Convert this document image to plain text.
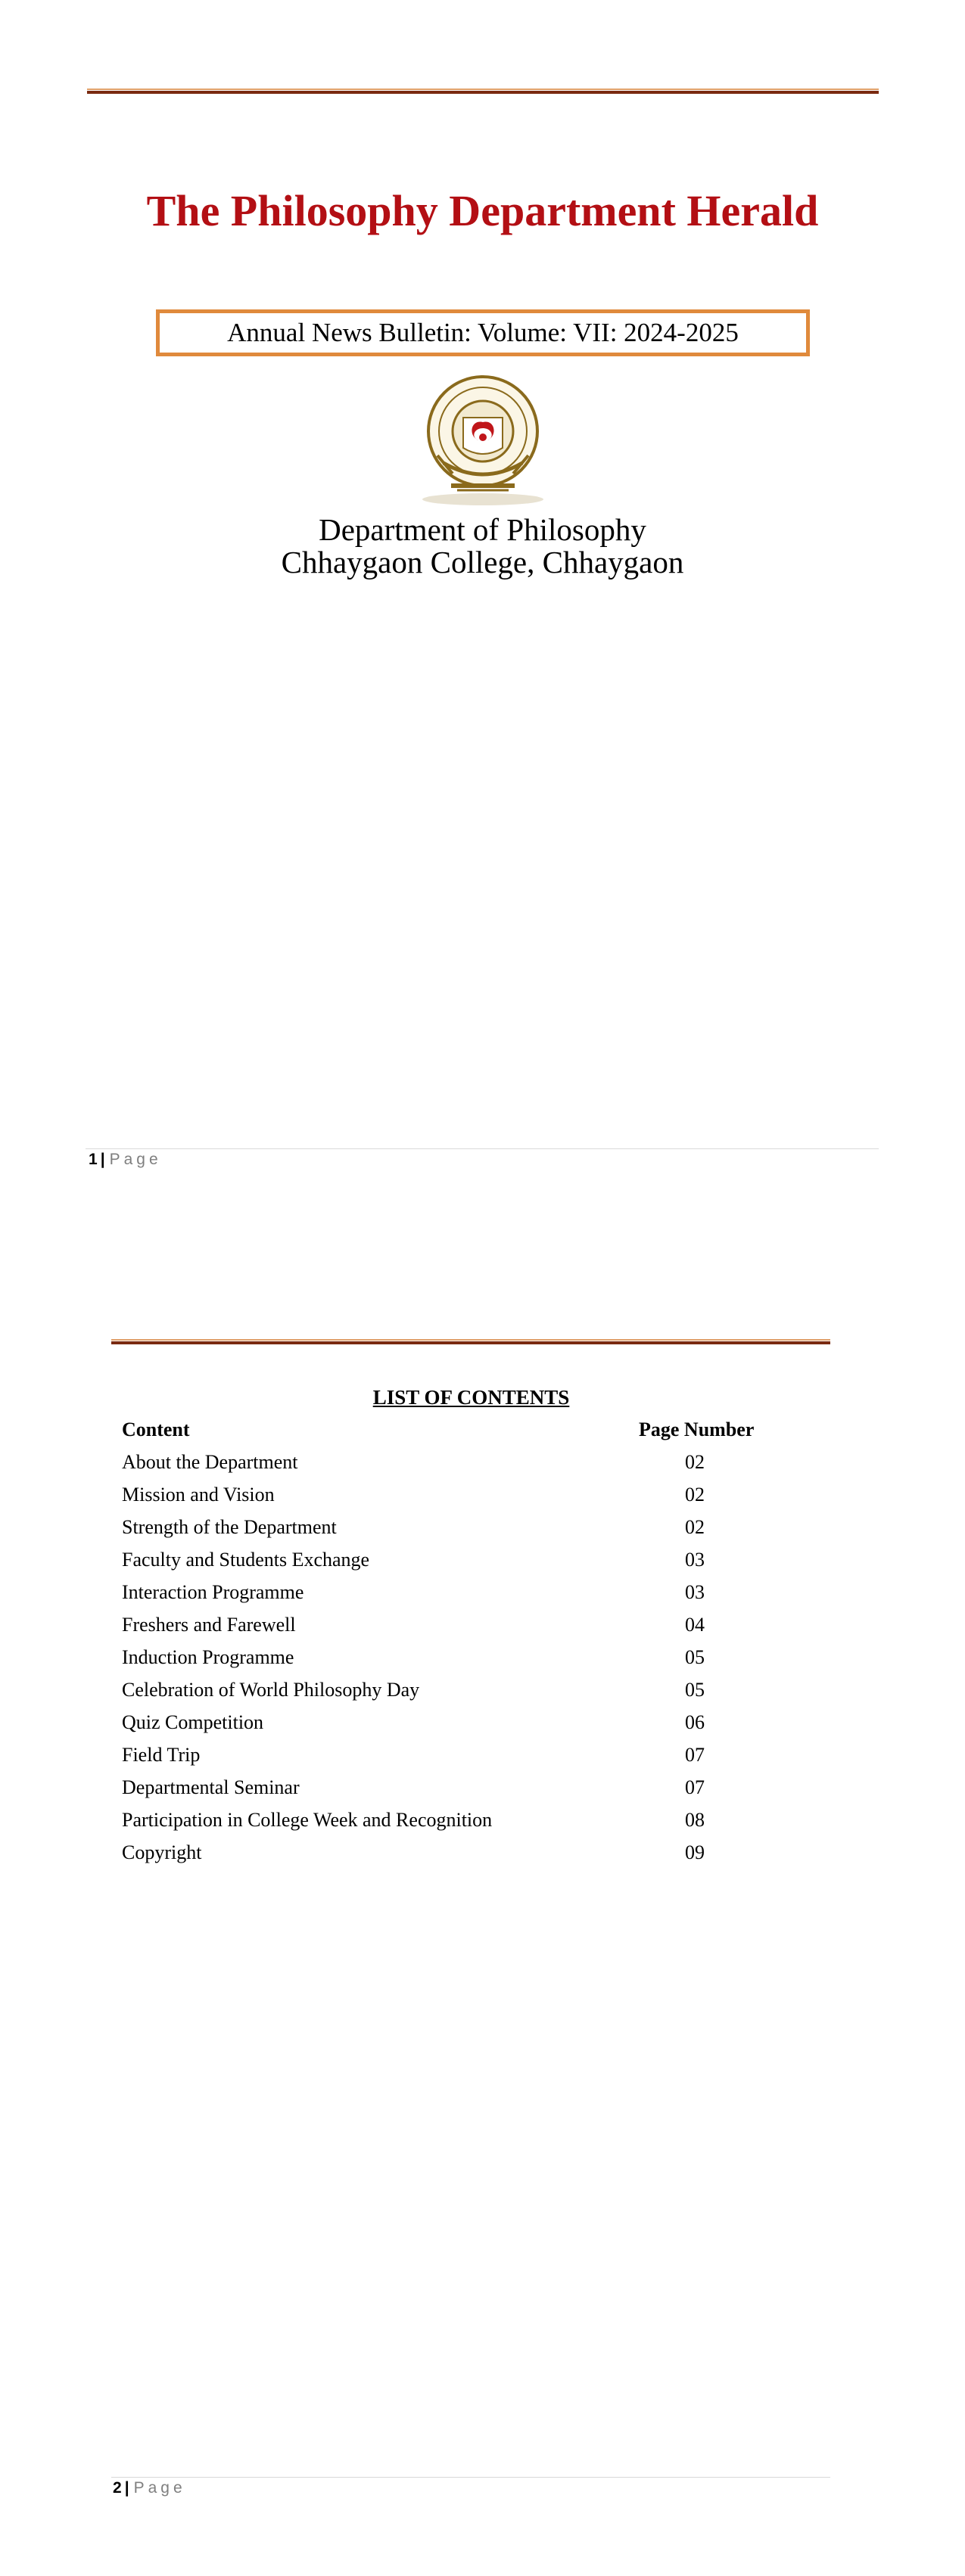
The Philosophy Department Herald
Annual News Bulletin: Volume: VII: 2024-2025
Department of Philosophy
Chhaygaon College, Chhaygaon
1 | Page
LIST OF CONTENTS
Content	Page Number
About the Department	02
Mission and Vision	02
Strength of the Department	02
Faculty and Students Exchange	03
Interaction Programme	03
Freshers and Farewell	04
Induction Programme	05
Celebration of World Philosophy Day	05
Quiz Competition	06
Field Trip	07
Departmental Seminar	07
Participation in College Week and Recognition	08
Copyright	09
2 | Page
